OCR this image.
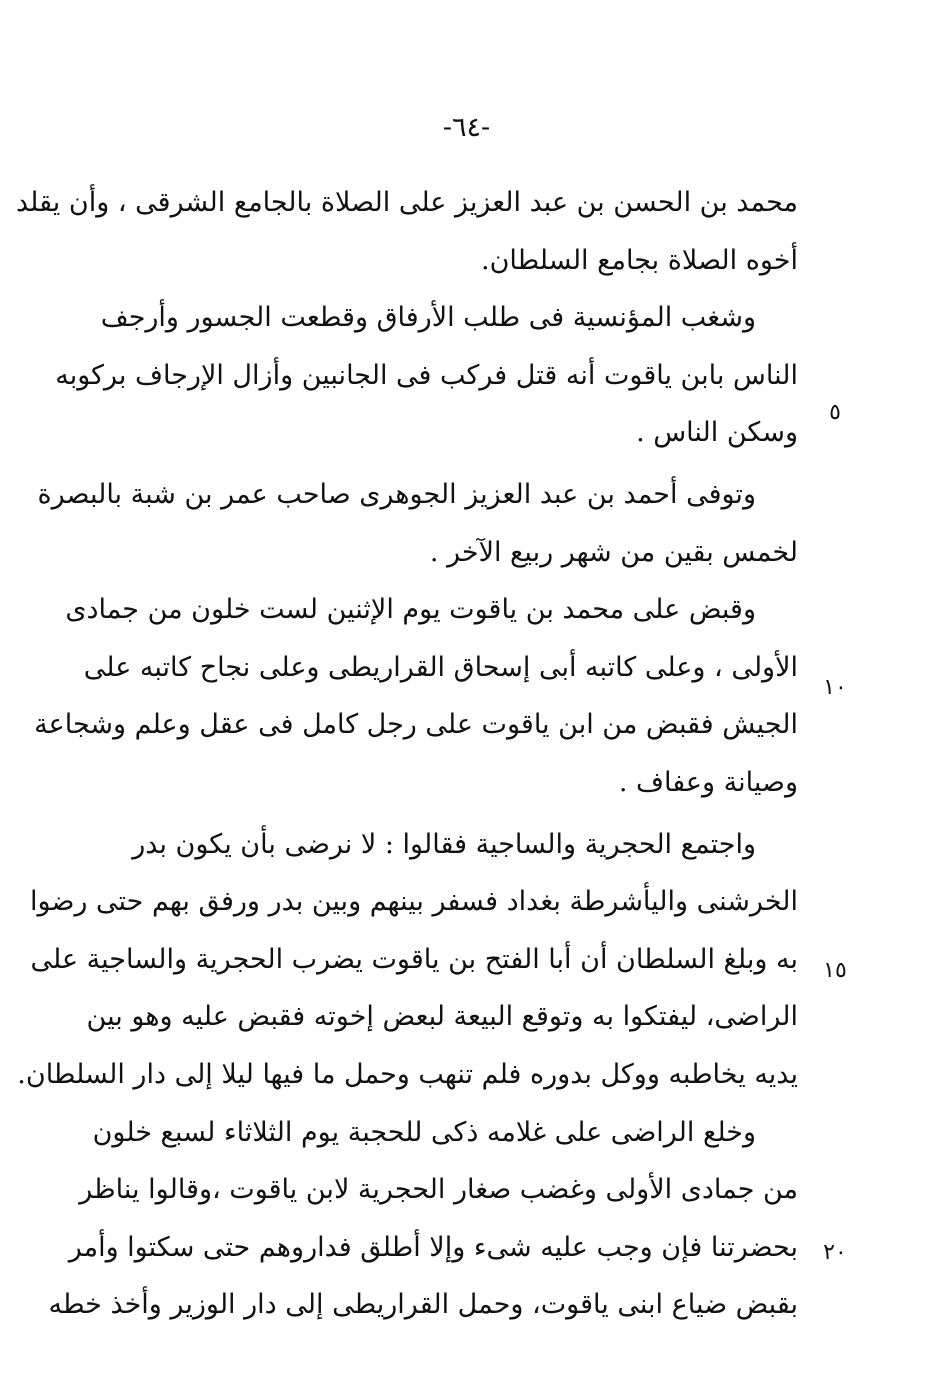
-٦٤-
محمد بن الحسن بن عبد العزيز على الصلاة بالجامع الشرقى ، وأن يقلد
أخوه الصلاة بجامع السلطان.
وشغب المؤنسية فى طلب الأرفاق وقطعت الجسور وأرجف
الناس بابن ياقوت أنه قتل فركب فى الجانبين وأزال الإرجاف بركوبه
وسكن الناس .
وتوفى أحمد بن عبد العزيز الجوهرى صاحب عمر بن شبة بالبصرة
لخمس بقين من شهر ربيع الآخر .
وقبض على محمد بن ياقوت يوم الإثنين لست خلون من جمادى
الأولى ، وعلى كاتبه أبى إسحاق القراريطى وعلى نجاح كاتبه على
الجيش فقبض من ابن ياقوت على رجل كامل فى عقل وعلم وشجاعة
وصيانة وعفاف .
واجتمع الحجرية والساجية فقالوا : لا نرضى بأن يكون بدر
الخرشنى واليأشرطة بغداد فسفر بينهم وبين بدر ورفق بهم حتى رضوا
به وبلغ السلطان أن أبا الفتح بن ياقوت يضرب الحجرية والساجية على
الراضى، ليفتكوا به وتوقع البيعة لبعض إخوته فقبض عليه وهو بين
يديه يخاطبه ووكل بدوره فلم تنهب وحمل ما فيها ليلا إلى دار السلطان.
وخلع الراضى على غلامه ذكى للحجبة يوم الثلاثاء لسبع خلون
من جمادى الأولى وغضب صغار الحجرية لابن ياقوت ،وقالوا يناظر
بحضرتنا فإن وجب عليه شىء وإلا أطلق فداروهم حتى سكتوا وأمر
بقبض ضياع ابنى ياقوت، وحمل القراريطى إلى دار الوزير وأخذ خطه
٥
١٠
١٥
٢٠
